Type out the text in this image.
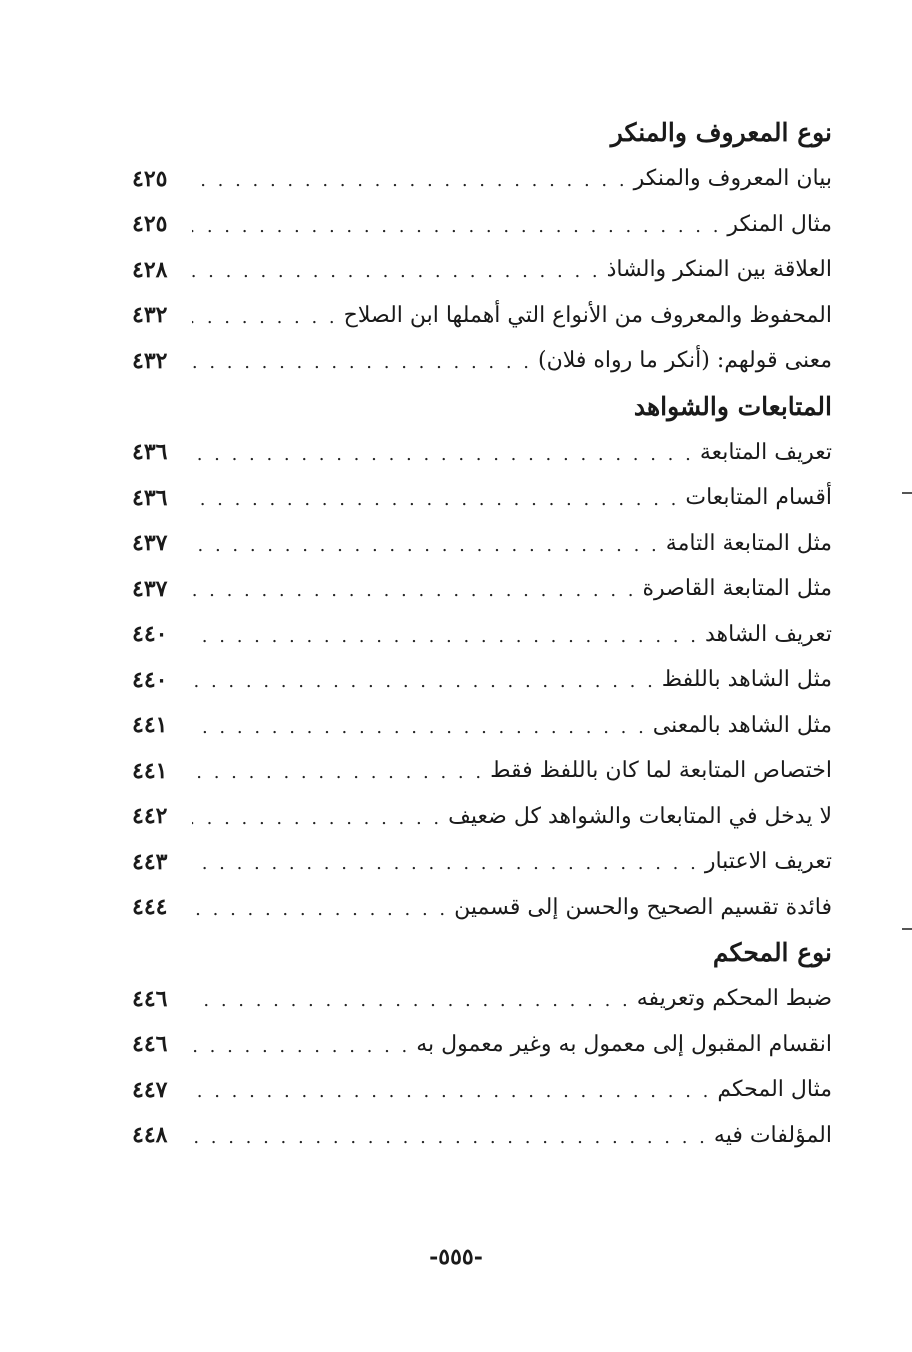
نوع المعروف والمنكر
بيان المعروف والمنكر
. . .
٤٢٥
مثال المنكر
. . .
٤٢٥
العلاقة بين المنكر والشاذ
. . .
٤٢٨
المحفوظ والمعروف من الأنواع التي أهملها ابن الصلاح
. . .
٤٣٢
معنى قولهم: (أنكر ما رواه فلان)
. . .
٤٣٢
المتابعات والشواهد
تعريف المتابعة
. . .
٤٣٦
أقسام المتابعات
. . .
٤٣٦
مثل المتابعة التامة
. . .
٤٣٧
مثل المتابعة القاصرة
. . .
٤٣٧
تعريف الشاهد
. . .
٤٤٠
مثل الشاهد باللفظ
. . .
٤٤٠
مثل الشاهد بالمعنى
. . .
٤٤١
اختصاص المتابعة لما كان باللفظ فقط
. . .
٤٤١
لا يدخل في المتابعات والشواهد كل ضعيف
. . .
٤٤٢
تعريف الاعتبار
. . .
٤٤٣
فائدة تقسيم الصحيح والحسن إلى قسمين
. . .
٤٤٤
نوع المحكم
ضبط المحكم وتعريفه
. . .
٤٤٦
انقسام المقبول إلى معمول به وغير معمول به
. . .
٤٤٦
مثال المحكم
. . .
٤٤٧
المؤلفات فيه
. . .
٤٤٨
-٥٥٥-
